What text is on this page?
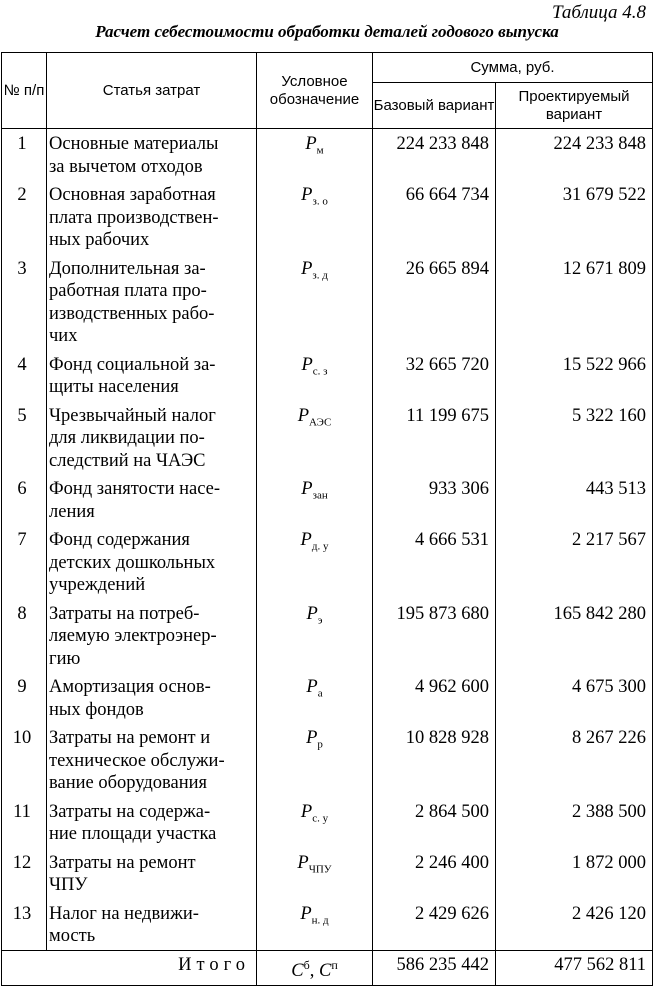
Таблица 4.8
Расчет себестоимости обработки деталей годового выпуска
№ п/п	Статья затрат	Условное обозначение	Сумма, руб.	
			Базовый вариант	Проектируемый вариант
1	Основные материалы
за вычетом отходов	$P_м$	224 233 848	224 233 848
2	Основная заработная
плата производствен-
ных рабочих	$P_{з. о}$	66 664 734	31 679 522
3	Дополнительная за-
работная плата про-
изводственных рабо-
чих	$P_{з. д}$	26 665 894	12 671 809
4	Фонд социальной за-
щиты населения	$P_{с. з}$	32 665 720	15 522 966
5	Чрезвычайный налог
для ликвидации по-
следствий на ЧАЭС	$P_{АЭС}$	11 199 675	5 322 160
6	Фонд занятости насе-
ления	$P_{зан}$	933 306	443 513
7	Фонд содержания
детских дошкольных
учреждений	$P_{д. у}$	4 666 531	2 217 567
8	Затраты на потреб-
ляемую электроэнер-
гию	$P_э$	195 873 680	165 842 280
9	Амортизация основ-
ных фондов	$P_а$	4 962 600	4 675 300
10	Затраты на ремонт и
техническое обслужи-
вание оборудования	$P_р$	10 828 928	8 267 226
11	Затраты на содержа-
ние площади участка	$P_{с. у}$	2 864 500	2 388 500
12	Затраты на ремонт
ЧПУ	$P_{ЧПУ}$	2 246 400	1 872 000
13	Налог на недвижи-
мость	$P_{н. д}$	2 429 626	2 426 120
Итого		$C^б$, $C^п$	586 235 442	477 562 811
